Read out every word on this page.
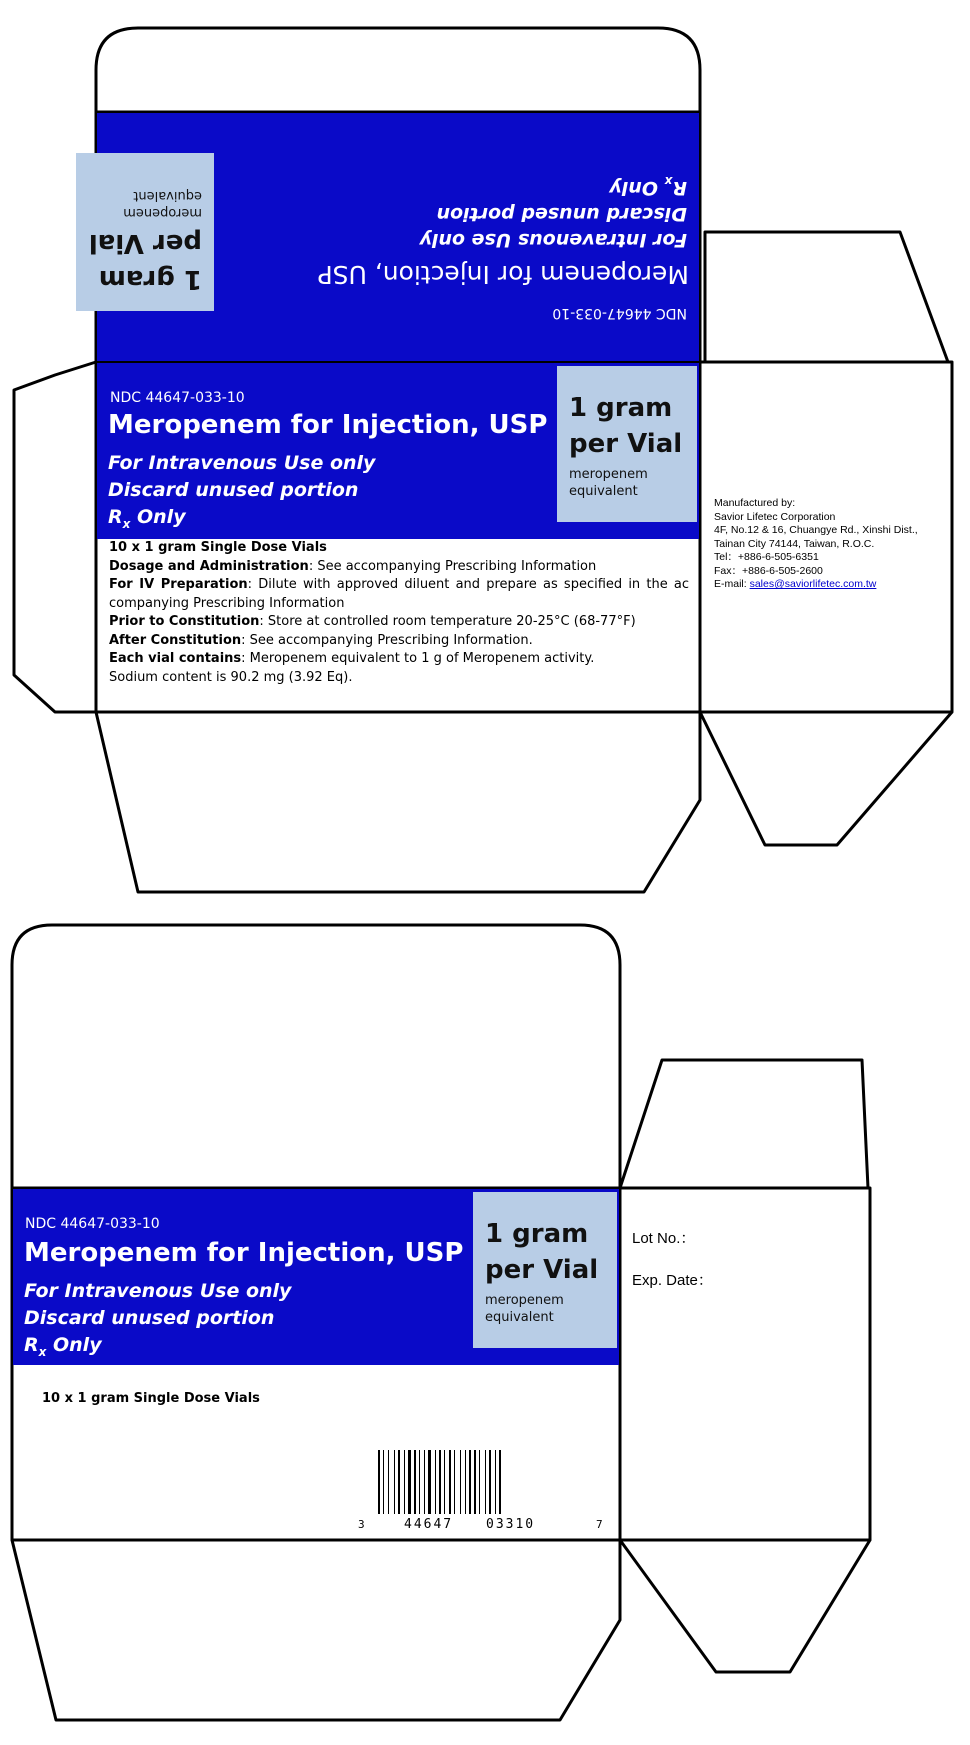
NDC 44647-033-10
Meropenem for Injection, USP
For Intravenous Use only
Discard unused portion
$R_x$ Only
1 gram
per Vial
meropenem
equivalent
NDC 44647-033-10
Meropenem for Injection, USP
For Intravenous Use only
Discard unused portion
$R_x$ Only
1 gram
per Vial
meropenem
equivalent
10 x 1 gram Single Dose Vials
Dosage and Administration: See accompanying Prescribing Information
For IV Preparation: Dilute with approved diluent and prepare as specified in the ac
companying Prescribing Information
Prior to Constitution: Store at controlled room temperature 20-25°C (68-77°F)
After Constitution: See accompanying Prescribing Information.
Each vial contains: Meropenem equivalent to 1 g of Meropenem activity.
Sodium content is 90.2 mg (3.92 Eq).
Manufactured by:
Savior Lifetec Corporation
4F, No.12 & 16, Chuangye Rd., Xinshi Dist.,
Tainan City 74144, Taiwan, R.O.C.
Tel：+886-6-505-6351
Fax：+886-6-505-2600
E-mail: sales@saviorlifetec.com.tw
NDC 44647-033-10
Meropenem for Injection, USP
For Intravenous Use only
Discard unused portion
$R_x$ Only
1 gram
per Vial
meropenem
equivalent
10 x 1 gram Single Dose Vials
3	44647	03310	7
Lot No.：
Exp. Date：
